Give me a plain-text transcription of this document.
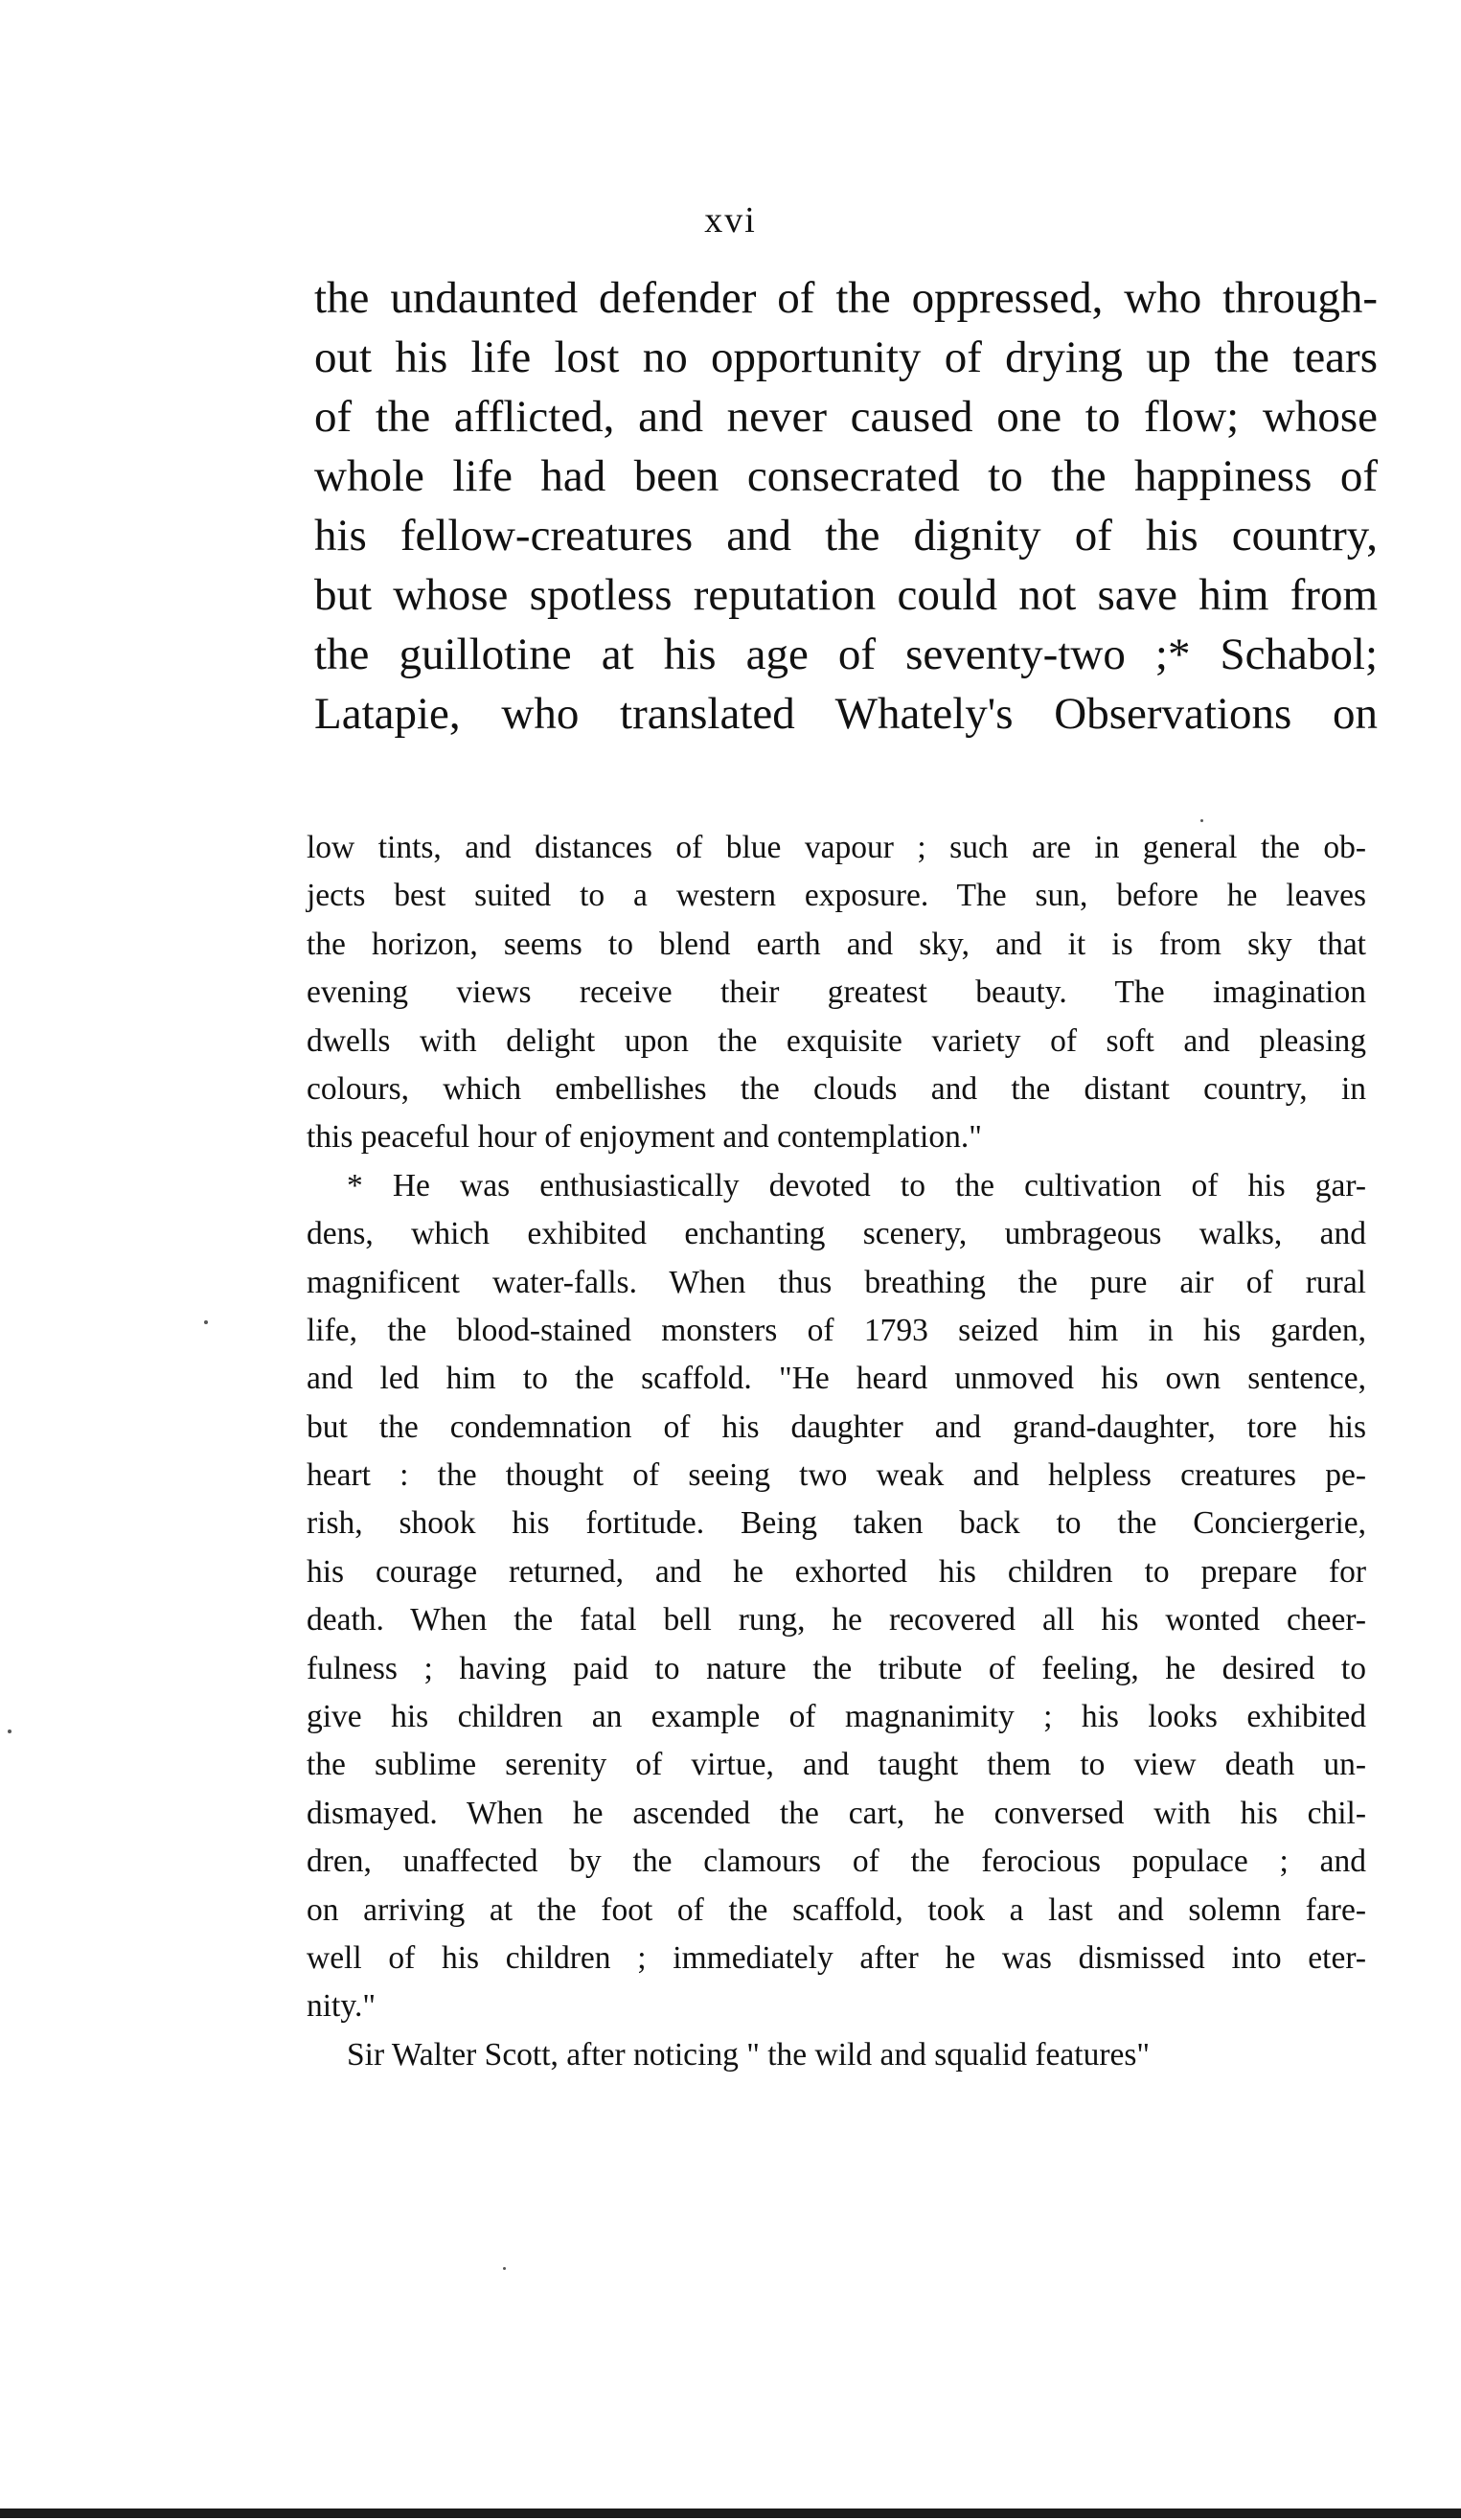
xvi
the undaunted defender of the oppressed, who through-
out his life lost no opportunity of drying up the tears
of the afflicted, and never caused one to flow; whose
whole life had been consecrated to the happiness of
his fellow-creatures and the dignity of his country,
but whose spotless reputation could not save him from
the guillotine at his age of seventy-two ;* Schabol;
Latapie, who translated Whately's Observations on
low tints, and distances of blue vapour ; such are in general the ob-
jects best suited to a western exposure. The sun, before he leaves
the horizon, seems to blend earth and sky, and it is from sky that
evening views receive their greatest beauty. The imagination
dwells with delight upon the exquisite variety of soft and pleasing
colours, which embellishes the clouds and the distant country, in
this peaceful hour of enjoyment and contemplation."
* He was enthusiastically devoted to the cultivation of his gar-
dens, which exhibited enchanting scenery, umbrageous walks, and
magnificent water-falls. When thus breathing the pure air of rural
life, the blood-stained monsters of 1793 seized him in his garden,
and led him to the scaffold. "He heard unmoved his own sentence,
but the condemnation of his daughter and grand-daughter, tore his
heart : the thought of seeing two weak and helpless creatures pe-
rish, shook his fortitude. Being taken back to the Conciergerie,
his courage returned, and he exhorted his children to prepare for
death. When the fatal bell rung, he recovered all his wonted cheer-
fulness ; having paid to nature the tribute of feeling, he desired to
give his children an example of magnanimity ; his looks exhibited
the sublime serenity of virtue, and taught them to view death un-
dismayed. When he ascended the cart, he conversed with his chil-
dren, unaffected by the clamours of the ferocious populace ; and
on arriving at the foot of the scaffold, took a last and solemn fare-
well of his children ; immediately after he was dismissed into eter-
nity."
Sir Walter Scott, after noticing " the wild and squalid features"
